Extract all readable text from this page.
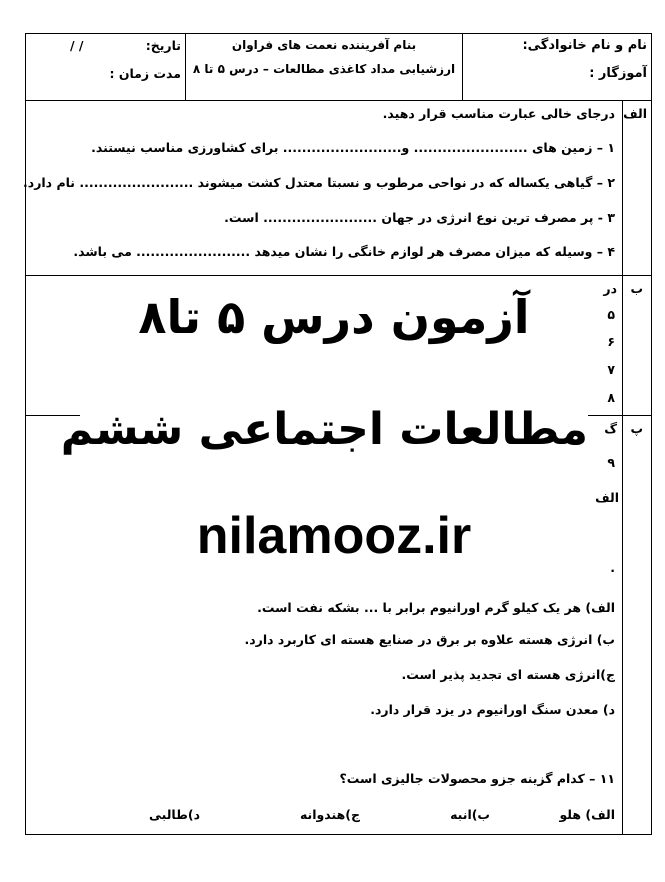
نام و نام خانوادگی:
آموزگار :
بنام آفریننده نعمت های فراوان
ارزشیابی مداد کاغذی مطالعات – درس ۵ تا ۸
تاریخ:
/ /
مدت زمان :
الف
درجای خالی عبارت مناسب قرار دهید.
۱ – زمین های ........................ و......................... برای کشاورزی مناسب نیستند.
۲ – گیاهی یکساله که در نواحی مرطوب و نسبتا معتدل کشت میشوند ........................ نام دارد.
۳ - پر مصرف ترین نوع انرژی در جهان ........................ است.
۴ – وسیله که میزان مصرف هر لوازم خانگی را نشان میدهد ........................ می باشد.
ب
در
۵
۶
۷
۸
پ
گ
۹
الف
.
الف) هر یک کیلو گرم اورانیوم برابر با ... بشکه نفت است.
ب) انرژی هسته علاوه بر برق در صنایع هسته ای کاربرد دارد.
ج)انرژی هسته ای تجدید پذیر است.
د) معدن سنگ اورانیوم در یزد قرار دارد.
۱۱ – کدام گزینه جزو محصولات جالیزی است؟
الف) هلو
ب)انبه
ج)هندوانه
د)طالبی
آزمون درس ۵ تا۸
مطالعات اجتماعی ششم
nilamooz.ir
